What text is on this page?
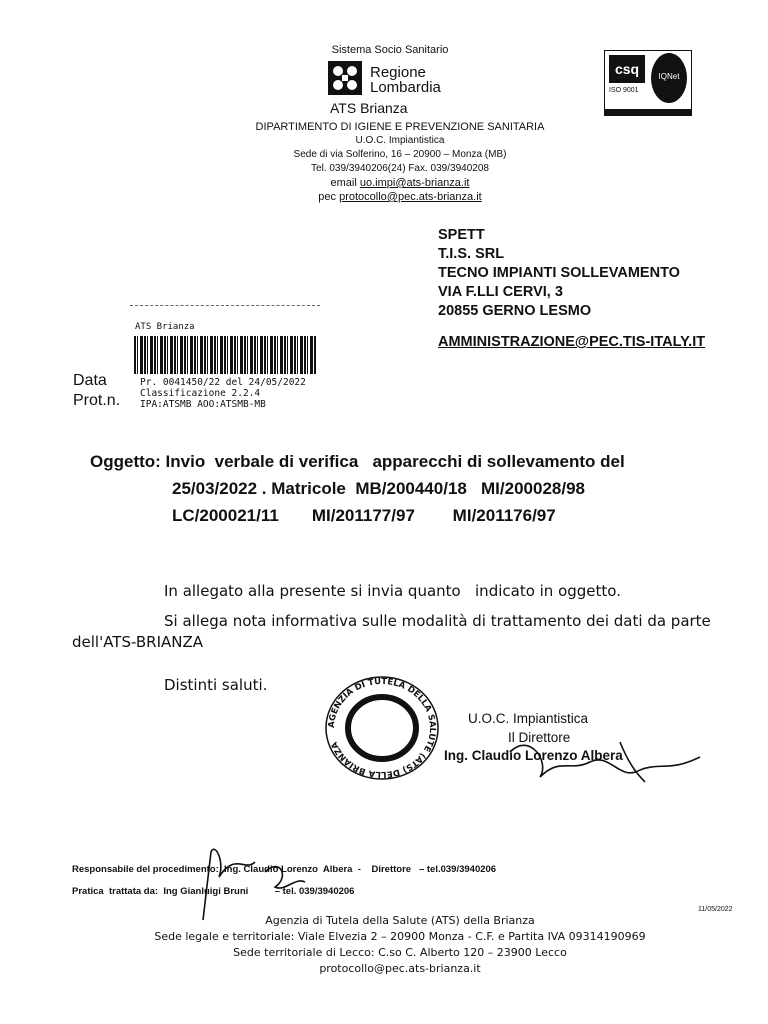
Sistema Socio Sanitario
Regione
Lombardia
ATS Brianza
csq	IQNet
ISO 9001
DIPARTIMENTO DI IGIENE E PREVENZIONE SANITARIA
U.O.C. Impiantistica
Sede di via Solferino, 16 – 20900 – Monza (MB)
Tel. 039/3940206(24) Fax. 039/3940208
email uo.impi@ats-brianza.it
pec protocollo@pec.ats-brianza.it
SPETT
T.I.S. SRL
TECNO IMPIANTI SOLLEVAMENTO
VIA F.LLI CERVI, 3
20855 GERNO LESMO
AMMINISTRAZIONE@PEC.TIS-ITALY.IT
ATS Brianza
Data
Prot.n.
Pr. 0041450/22 del 24/05/2022
Classificazione 2.2.4
IPA:ATSMB AOO:ATSMB-MB
Oggetto: Invio  verbale di verifica   apparecchi di sollevamento del
25/03/2022 . Matricole  MB/200440/18   MI/200028/98
LC/200021/11       MI/201177/97        MI/201176/97
In allegato alla presente si invia quanto   indicato in oggetto.
Si allega nota informativa sulle modalità di trattamento dei dati da parte
dell'ATS-BRIANZA
Distinti saluti.
AGENZIA DI TUTELA DELLA SALUTE (ATS) DELLA BRIANZA
U.O.C. Impiantistica
Il Direttore
Ing. Claudio Lorenzo Albera
Responsabile del procedimento:  Ing. Claudio Lorenzo  Albera  -    Direttore   – tel.039/3940206
Pratica  trattata da:  Ing Gianluigi Bruni          – tel. 039/3940206
11/05/2022
Agenzia di Tutela della Salute (ATS) della Brianza
Sede legale e territoriale: Viale Elvezia 2 – 20900 Monza - C.F. e Partita IVA 09314190969
Sede territoriale di Lecco: C.so C. Alberto 120 – 23900 Lecco
protocollo@pec.ats-brianza.it
